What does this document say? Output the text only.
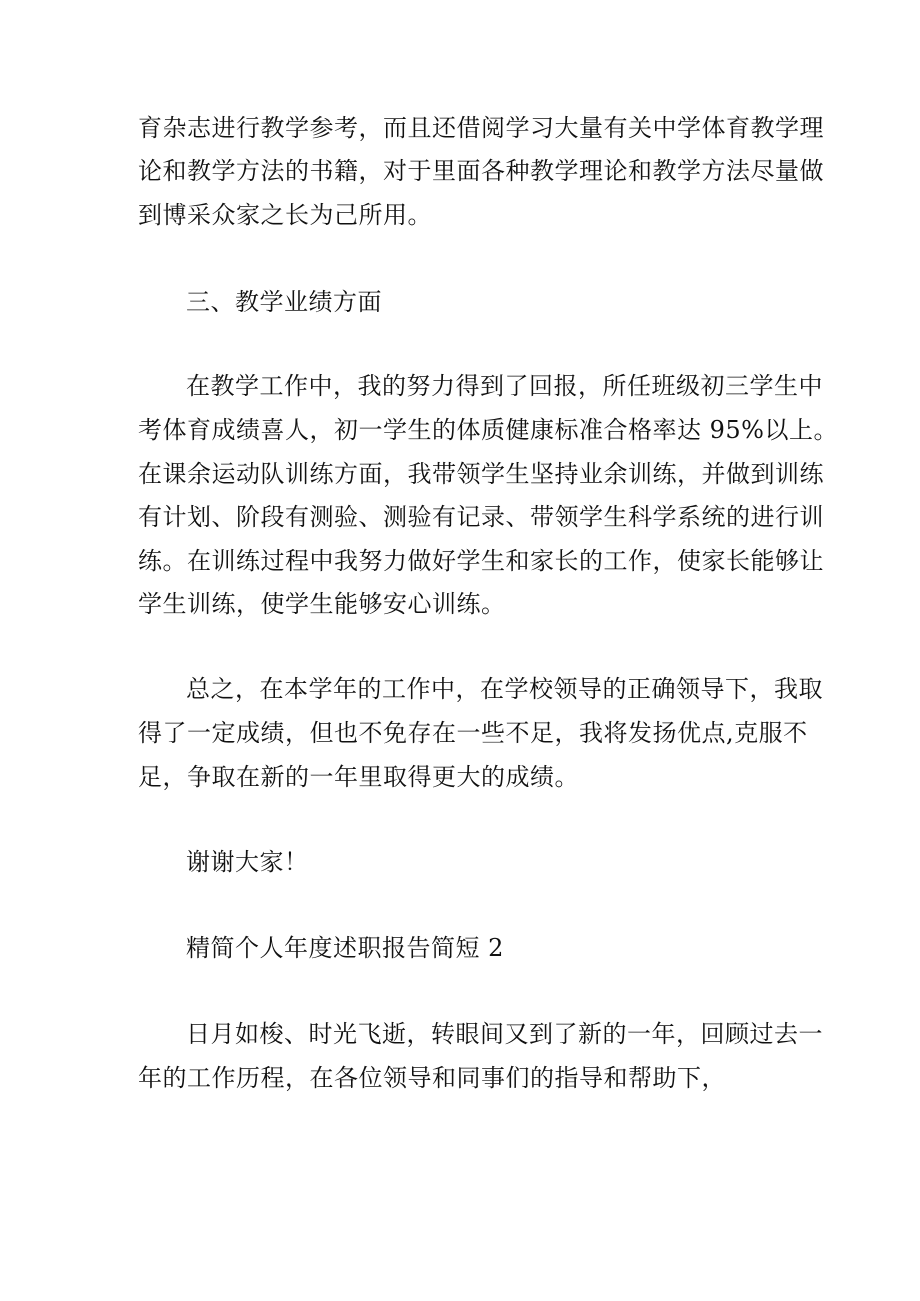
育杂志进行教学参考，而且还借阅学习大量有关中学体育教学理
论和教学方法的书籍，对于里面各种教学理论和教学方法尽量做
到博采众家之长为己所用。
三、教学业绩方面
在教学工作中，我的努力得到了回报，所任班级初三学生中
考体育成绩喜人，初一学生的体质健康标准合格率达 95%以上。
在课余运动队训练方面，我带领学生坚持业余训练，并做到训练
有计划、阶段有测验、测验有记录、带领学生科学系统的进行训
练。在训练过程中我努力做好学生和家长的工作，使家长能够让
学生训练，使学生能够安心训练。
总之，在本学年的工作中，在学校领导的正确领导下，我取
得了一定成绩，但也不免存在一些不足，我将发扬优点,克服不
足，争取在新的一年里取得更大的成绩。
谢谢大家！
精简个人年度述职报告简短 2
日月如梭、时光飞逝，转眼间又到了新的一年，回顾过去一
年的工作历程，在各位领导和同事们的指导和帮助下，
